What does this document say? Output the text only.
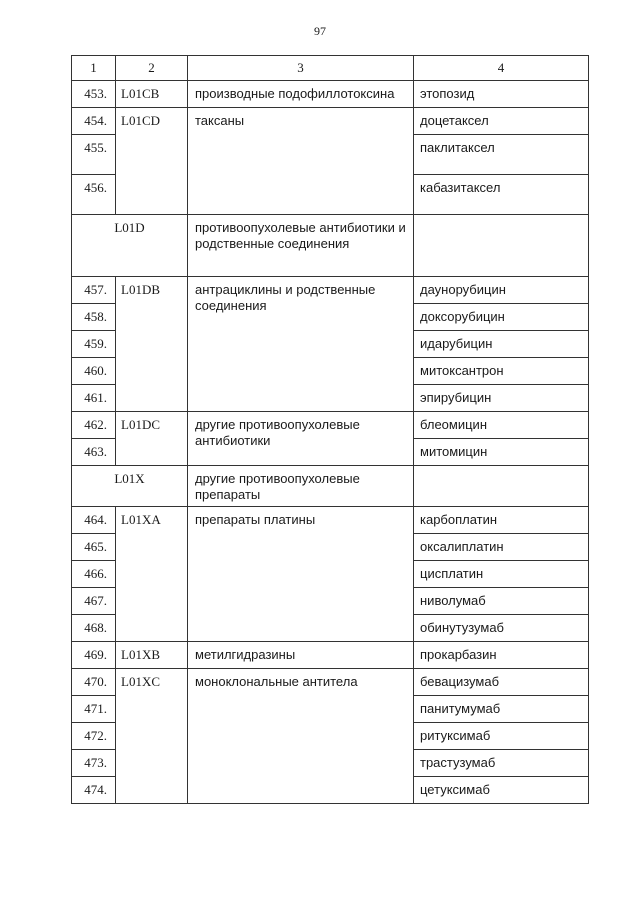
97
1	2	3	4
453.	L01CB	производные подофиллотоксина	этопозид
454.	L01CD	таксаны	доцетаксел
455.			паклитаксел
456.			кабазитаксел
L01D		противоопухолевые антибиотики и родственные соединения	
457.	L01DB	антрациклины и родственные соединения	даунорубицин
458.			доксорубицин
459.			идарубицин
460.			митоксантрон
461.			эпирубицин
462.	L01DC	другие противоопухолевые антибиотики	блеомицин
463.			митомицин
L01X		другие противоопухолевые препараты	
464.	L01XA	препараты платины	карбоплатин
465.			оксалиплатин
466.			цисплатин
467.			ниволумаб
468.			обинутузумаб
469.	L01XB	метилгидразины	прокарбазин
470.	L01XC	моноклональные антитела	бевацизумаб
471.			панитумумаб
472.			ритуксимаб
473.			трастузумаб
474.			цетуксимаб
